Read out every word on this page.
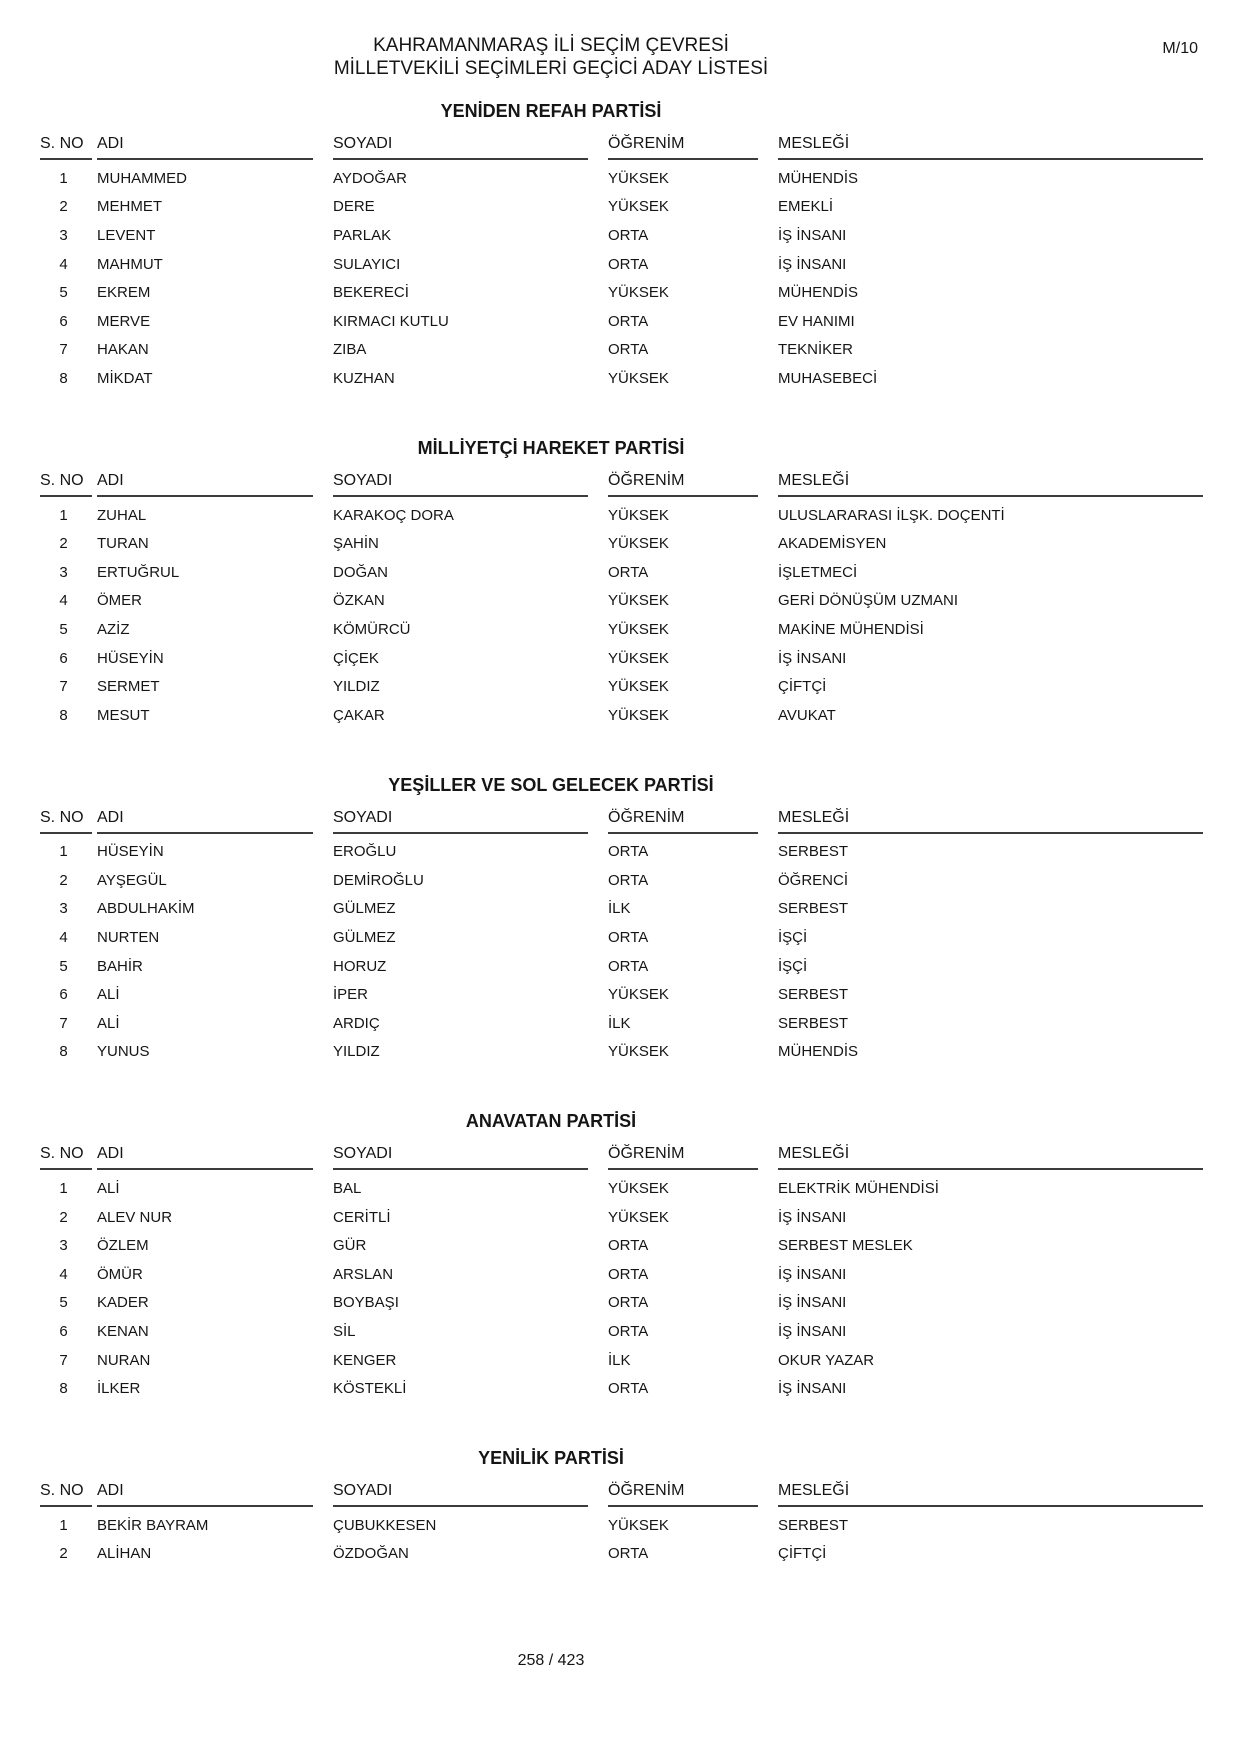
M/10
KAHRAMANMARAŞ İLİ SEÇİM ÇEVRESİ
MİLLETVEKİLİ SEÇİMLERİ GEÇİCİ ADAY LİSTESİ
YENİDEN REFAH PARTİSİ
S. NO	ADI	SOYADI	ÖĞRENİM	MESLEĞİ

1	MUHAMMED	AYDOĞAR	YÜKSEK	MÜHENDİS
2	MEHMET	DERE	YÜKSEK	EMEKLİ
3	LEVENT	PARLAK	ORTA	İŞ İNSANI
4	MAHMUT	SULAYICI	ORTA	İŞ İNSANI
5	EKREM	BEKERECİ	YÜKSEK	MÜHENDİS
6	MERVE	KIRMACI KUTLU	ORTA	EV HANIMI
7	HAKAN	ZIBA	ORTA	TEKNİKER
8	MİKDAT	KUZHAN	YÜKSEK	MUHASEBECİ
MİLLİYETÇİ HAREKET PARTİSİ
S. NO	ADI	SOYADI	ÖĞRENİM	MESLEĞİ

1	ZUHAL	KARAKOÇ DORA	YÜKSEK	ULUSLARARASI İLŞK. DOÇENTİ
2	TURAN	ŞAHİN	YÜKSEK	AKADEMİSYEN
3	ERTUĞRUL	DOĞAN	ORTA	İŞLETMECİ
4	ÖMER	ÖZKAN	YÜKSEK	GERİ DÖNÜŞÜM UZMANI
5	AZİZ	KÖMÜRCÜ	YÜKSEK	MAKİNE MÜHENDİSİ
6	HÜSEYİN	ÇİÇEK	YÜKSEK	İŞ İNSANI
7	SERMET	YILDIZ	YÜKSEK	ÇİFTÇİ
8	MESUT	ÇAKAR	YÜKSEK	AVUKAT
YEŞİLLER VE SOL GELECEK PARTİSİ
S. NO	ADI	SOYADI	ÖĞRENİM	MESLEĞİ

1	HÜSEYİN	EROĞLU	ORTA	SERBEST
2	AYŞEGÜL	DEMİROĞLU	ORTA	ÖĞRENCİ
3	ABDULHAKİM	GÜLMEZ	İLK	SERBEST
4	NURTEN	GÜLMEZ	ORTA	İŞÇİ
5	BAHİR	HORUZ	ORTA	İŞÇİ
6	ALİ	İPER	YÜKSEK	SERBEST
7	ALİ	ARDIÇ	İLK	SERBEST
8	YUNUS	YILDIZ	YÜKSEK	MÜHENDİS
ANAVATAN PARTİSİ
S. NO	ADI	SOYADI	ÖĞRENİM	MESLEĞİ

1	ALİ	BAL	YÜKSEK	ELEKTRİK MÜHENDİSİ
2	ALEV NUR	CERİTLİ	YÜKSEK	İŞ İNSANI
3	ÖZLEM	GÜR	ORTA	SERBEST MESLEK
4	ÖMÜR	ARSLAN	ORTA	İŞ İNSANI
5	KADER	BOYBAŞI	ORTA	İŞ İNSANI
6	KENAN	SİL	ORTA	İŞ İNSANI
7	NURAN	KENGER	İLK	OKUR YAZAR
8	İLKER	KÖSTEKLİ	ORTA	İŞ İNSANI
YENİLİK PARTİSİ
S. NO	ADI	SOYADI	ÖĞRENİM	MESLEĞİ

1	BEKİR BAYRAM	ÇUBUKKESEN	YÜKSEK	SERBEST
2	ALİHAN	ÖZDOĞAN	ORTA	ÇİFTÇİ
258 / 423
